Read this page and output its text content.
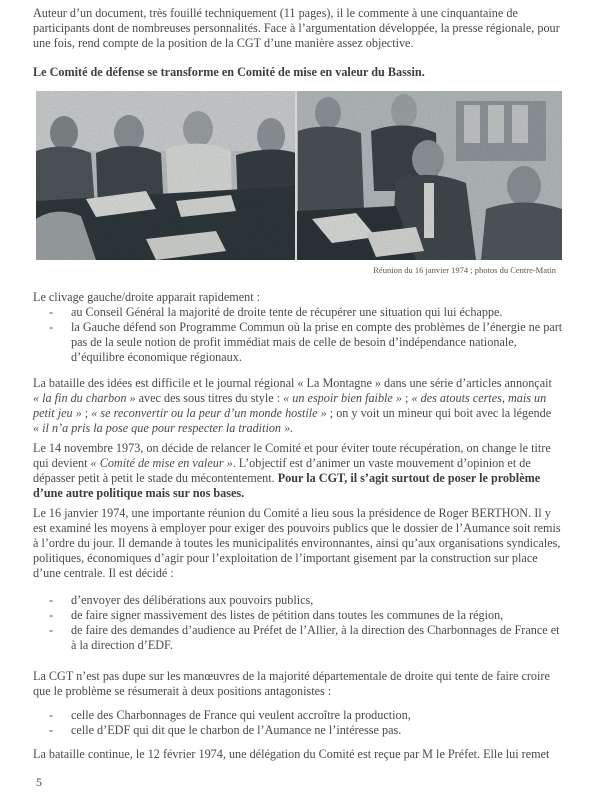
Auteur d’un document, très fouillé techniquement (11 pages), il le commente à une cinquantaine de
participants dont de nombreuses personnalités. Face à l’argumentation développée, la presse régionale, pour
une fois, rend compte de la position de la CGT d’une manière assez objective.

Le Comité de défense se transforme en Comité de mise en valeur du Bassin.

Réunion du 16 janvier 1974 ; photos du Centre-Matin

Le clivage gauche/droite apparait rapidement :

- au Conseil Général la majorité de droite tente de récupérer une situation qui lui échappe.
- la Gauche défend son Programme Commun où la prise en compte des problèmes de l’énergie ne part
pas de la seule notion de profit immédiat mais de celle de besoin d’indépendance nationale,
d’équilibre économique régionaux.

La bataille des idées est difficile et le journal régional « La Montagne » dans une série d’articles annonçait
« la fin du charbon » avec des sous titres du style : « un espoir bien faible » ; « des atouts certes, mais un
petit jeu » ; « se reconvertir ou la peur d’un monde hostile » ; on y voit un mineur qui boit avec la légende
« il n’a pris la pose que pour respecter la tradition ».

Le 14 novembre 1973, on décide de relancer le Comité et pour éviter toute récupération, on change le titre
qui devient « Comité de mise en valeur ». L’objectif est d’animer un vaste mouvement d’opinion et de
dépasser petit à petit le stade du mécontentement. Pour la CGT, il s’agit surtout de poser le problème
d’une autre politique mais sur nos bases.

Le 16 janvier 1974, une importante réunion du Comité a lieu sous la présidence de Roger BERTHON. Il y
est examiné les moyens à employer pour exiger des pouvoirs publics que le dossier de l’Aumance soit remis
à l’ordre du jour. Il demande à toutes les municipalités environnantes, ainsi qu’aux organisations syndicales,
politiques, économiques d’agir pour l’exploitation de l’important gisement par la construction sur place
d’une centrale. Il est décidé :

- d’envoyer des délibérations aux pouvoirs publics,
- de faire signer massivement des listes de pétition dans toutes les communes de la région,
- de faire des demandes d’audience au Préfet de l’Allier, à la direction des Charbonnages de France et
à la direction d’EDF.

La CGT n’est pas dupe sur les manœuvres de la majorité départementale de droite qui tente de faire croire
que le problème se résumerait à deux positions antagonistes :

- celle des Charbonnages de France qui veulent accroître la production,
- celle d’EDF qui dit que le charbon de l’Aumance ne l’intéresse pas.

La bataille continue, le 12 février 1974, une délégation du Comité est reçue par M le Préfet. Elle lui remet

5
